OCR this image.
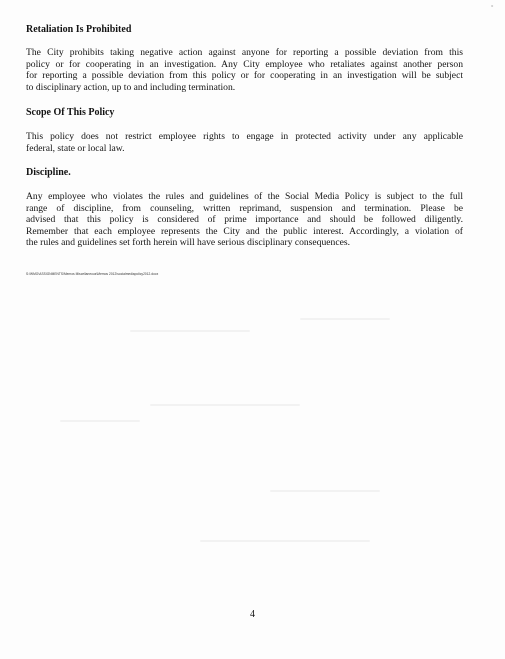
°
Retaliation Is Prohibited
The City prohibits taking negative action against anyone for reporting a possible deviation from this
policy or for cooperating in an investigation. Any City employee who retaliates against another person
for reporting a possible deviation from this policy or for cooperating in an investigation will be subject
to disciplinary action, up to and including termination.
Scope Of This Policy
This policy does not restrict employee rights to engage in protected activity under any applicable
federal, state or local law.
Discipline.
Any employee who violates the rules and guidelines of the Social Media Policy is subject to the full
range of discipline, from counseling, written reprimand, suspension and termination. Please be
advised that this policy is considered of prime importance and should be followed diligently.
Remember that each employee represents the City and the public interest. Accordingly, a violation of
the rules and guidelines set forth herein will have serious disciplinary consequences.
S:\WMO\ASSIGNMENTS\Memos Miscellaneous\Memos 2012\socialmediapolicy2012.docx
4
